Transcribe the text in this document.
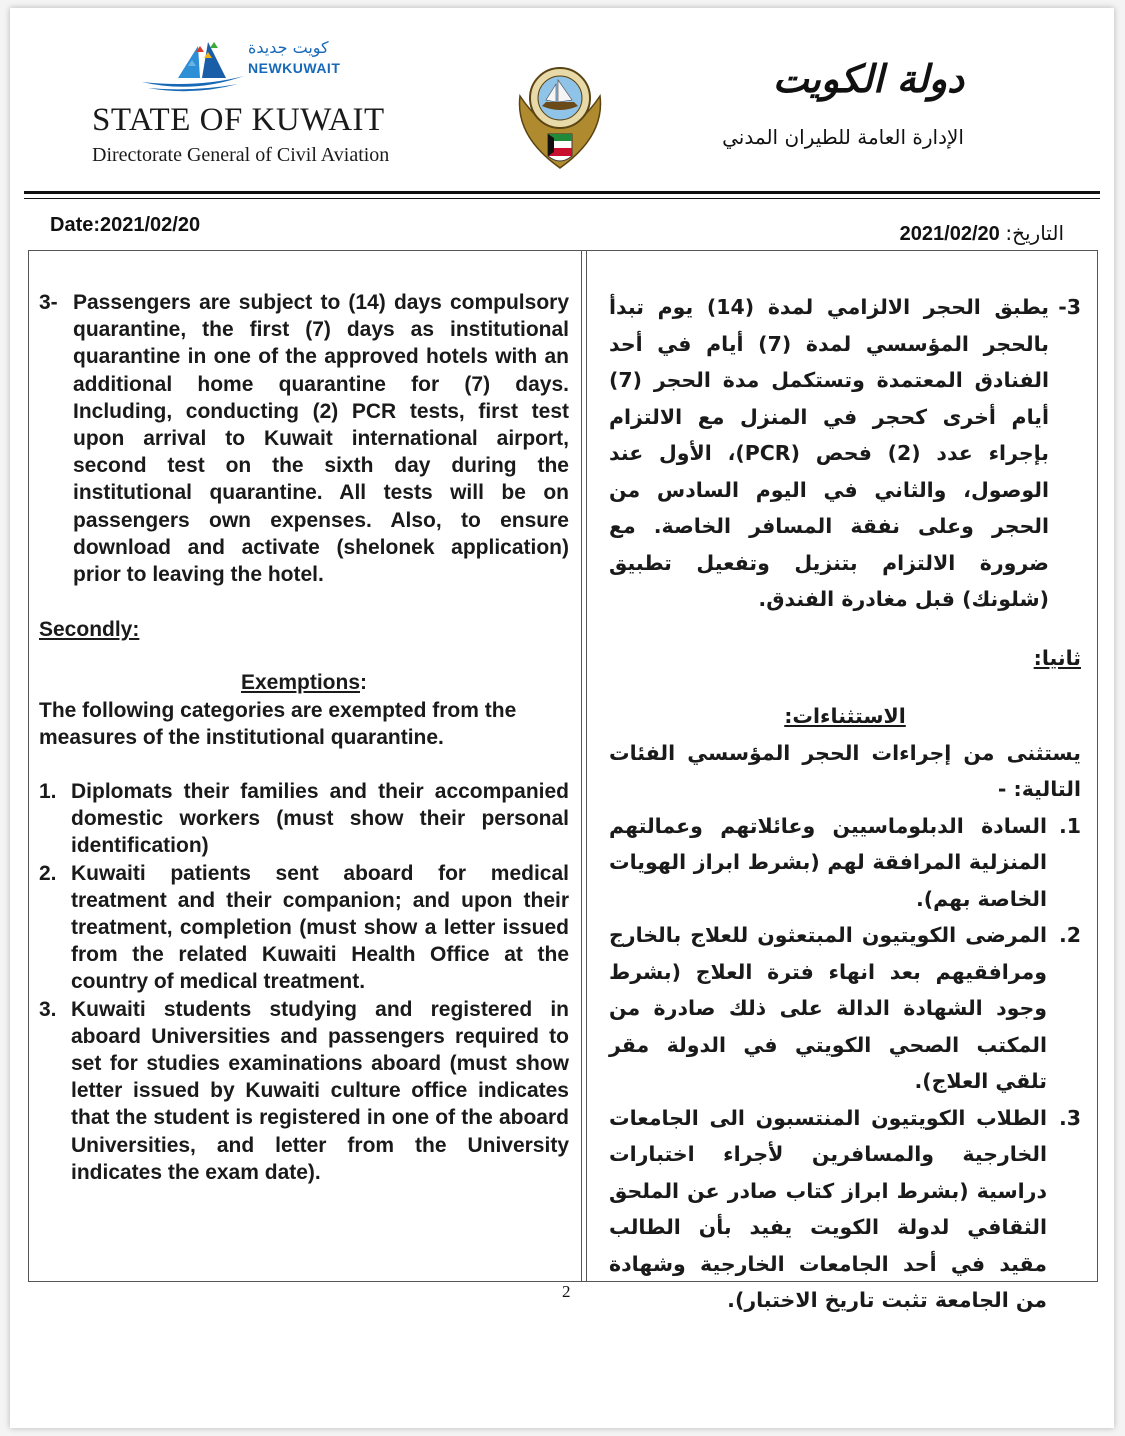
كويت جديدة
NEWKUWAIT
STATE OF KUWAIT
Directorate General of Civil Aviation
دولة الكويت
الإدارة العامة للطيران المدني
Date:2021/02/20	التاريخ: 2021/02/20
3- Passengers are subject to (14) days compulsory quarantine, the first (7) days as institutional quarantine in one of the approved hotels with an additional home quarantine for (7) days. Including, conducting (2) PCR tests, first test upon arrival to Kuwait international airport, second test on the sixth day during the institutional quarantine. All tests will be on passengers own expenses. Also, to ensure download and activate (shelonek application) prior to leaving the hotel.
Secondly:
Exemptions:
The following categories are exempted from the measures of the institutional quarantine.
1. Diplomats their families and their accompanied domestic workers (must show their personal identification)
2. Kuwaiti patients sent aboard for medical treatment and their companion; and upon their treatment, completion (must show a letter issued from the related Kuwaiti Health Office at the country of medical treatment.
3. Kuwaiti students studying and registered in aboard Universities and passengers required to set for studies examinations aboard (must show letter issued by Kuwaiti culture office indicates that the student is registered in one of the aboard Universities, and letter from the University indicates the exam date).
3-
يطبق الحجر الالزامي لمدة (14) يوم تبدأ بالحجر المؤسسي لمدة (7) أيام في أحد الفنادق المعتمدة وتستكمل مدة الحجر (7) أيام أخرى كحجر في المنزل مع الالتزام بإجراء عدد (2) فحص (PCR)، الأول عند الوصول، والثاني في اليوم السادس من الحجر وعلى نفقة المسافر الخاصة. مع ضرورة الالتزام بتنزيل وتفعيل تطبيق (شلونك) قبل مغادرة الفندق.
ثانيا:
الاستثناءات:
يستثنى من إجراءات الحجر المؤسسي الفئات التالية: -
1.
السادة الدبلوماسيين وعائلاتهم وعمالتهم المنزلية المرافقة لهم (بشرط ابراز الهويات الخاصة بهم).
2.
المرضى الكويتيون المبتعثون للعلاج بالخارج ومرافقيهم بعد انهاء فترة العلاج (بشرط وجود الشهادة الدالة على ذلك صادرة من المكتب الصحي الكويتي في الدولة مقر تلقي العلاج).
3.
الطلاب الكويتيون المنتسبون الى الجامعات الخارجية والمسافرين لأجراء اختبارات دراسية (بشرط ابراز كتاب صادر عن الملحق الثقافي لدولة الكويت يفيد بأن الطالب مقيد في أحد الجامعات الخارجية وشهادة من الجامعة تثبت تاريخ الاختبار).
2
